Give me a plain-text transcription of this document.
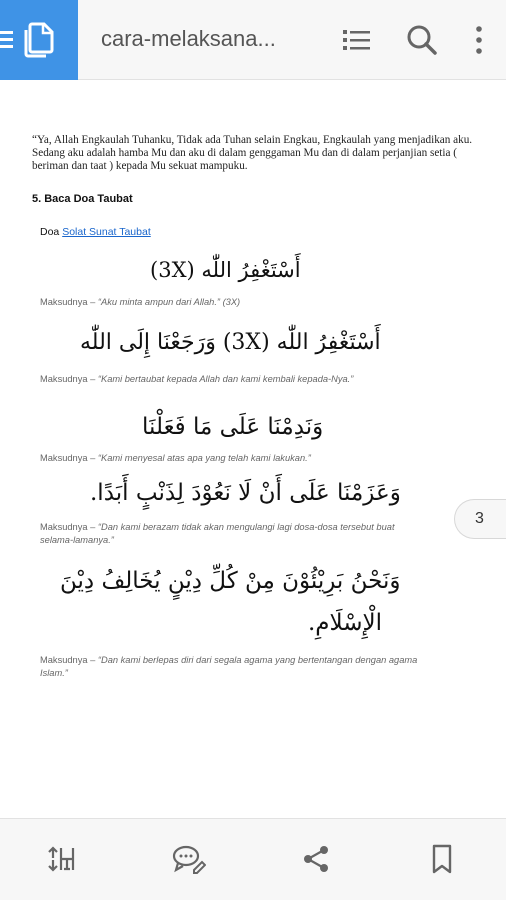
cara-melaksana...
“Ya, Allah Engkaulah Tuhanku, Tidak ada Tuhan selain Engkau, Engkaulah yang menjadikan aku. Sedang aku adalah hamba Mu dan aku di dalam genggaman Mu dan di dalam perjanjian setia ( beriman dan taat ) kepada Mu sekuat mampuku.
5. Baca Doa Taubat
Doa Solat Sunat Taubat
أَسْتَغْفِرُ اللّٰه (3X)
Maksudnya – “Aku minta ampun dari Allah.” (3X)
أَسْتَغْفِرُ اللّٰه (3X) وَرَجَعْنَا إِلَى اللّٰه
Maksudnya – “Kami bertaubat kepada Allah dan kami kembali kepada-Nya.”
وَنَدِمْنَا عَلَى مَا فَعَلْنَا
Maksudnya – “Kami menyesal atas apa yang telah kami lakukan.”
وَعَزَمْنَا عَلَى أَنْ لَا نَعُوْدَ لِذَنْبٍ أَبَدًا.
Maksudnya – “Dan kami berazam tidak akan mengulangi lagi dosa-dosa tersebut buat selama-lamanya.”
وَنَحْنُ بَرِيْئُوْنَ مِنْ كُلِّ دِيْنٍ يُخَالِفُ دِيْنَ
الْإِسْلَامِ.
Maksudnya – “Dan kami berlepas diri dari segala agama yang bertentangan dengan agama Islam.”
3
